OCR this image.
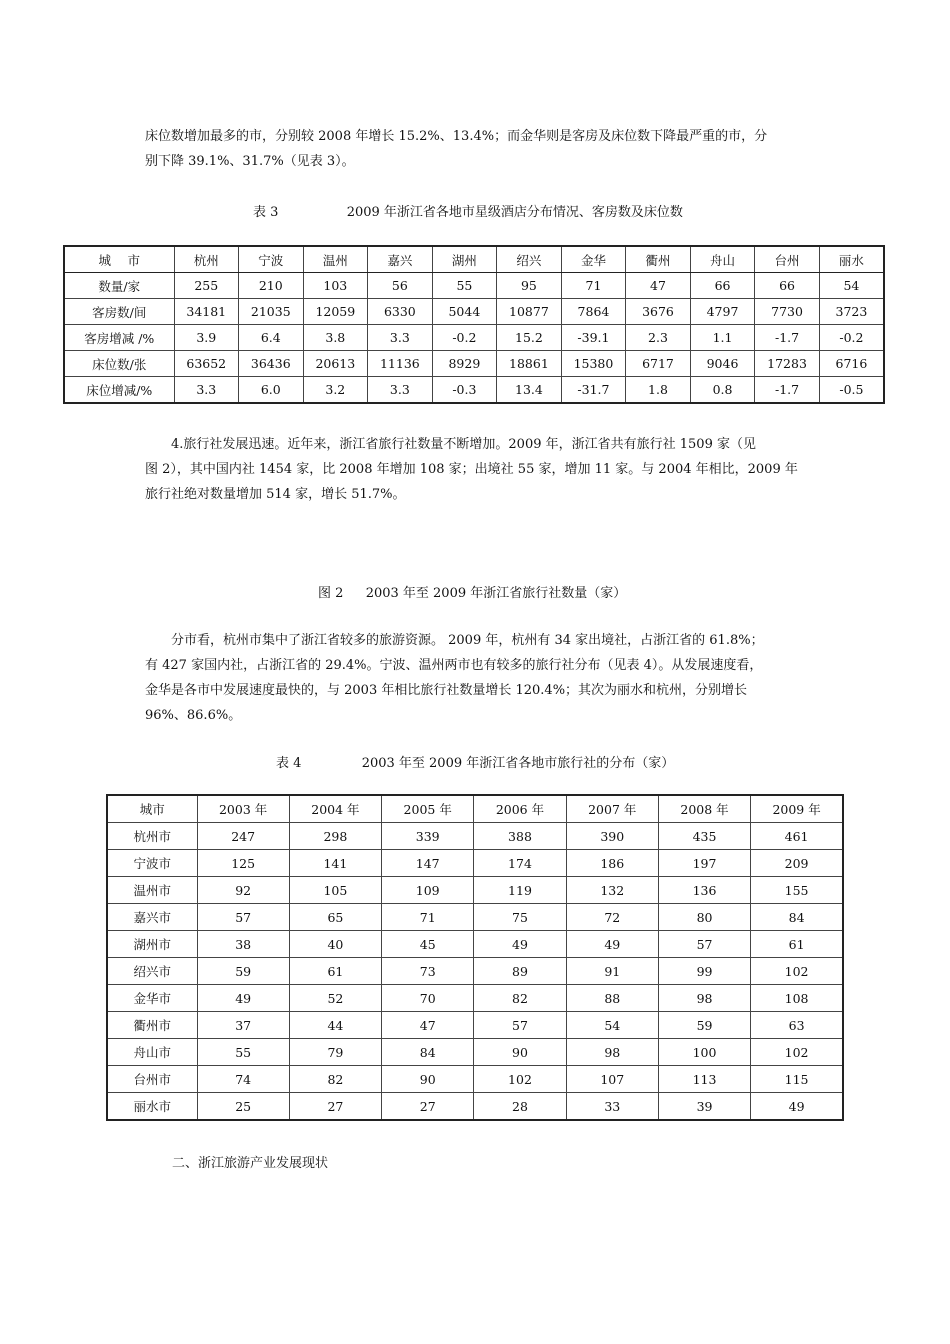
床位数增加最多的市，分别较 2008 年增长 15.2%、13.4%；而金华则是客房及床位数下降最严重的市，分
别下降 39.1%、31.7%（见表 3）。
表 3	2009 年浙江省各地市星级酒店分布情况、客房数及床位数
城　 市	杭州	宁波	温州	嘉兴	湖州	绍兴	金华	衢州	舟山	台州	丽水
数量/家	255	210	103	56	55	95	71	47	66	66	54
客房数/间	34181	21035	12059	6330	5044	10877	7864	3676	4797	7730	3723
客房增减 /%	3.9	6.4	3.8	3.3	-0.2	15.2	-39.1	2.3	1.1	-1.7	-0.2
床位数/张	63652	36436	20613	11136	8929	18861	15380	6717	9046	17283	6716
床位增减/%	3.3	6.0	3.2	3.3	-0.3	13.4	-31.7	1.8	0.8	-1.7	-0.5
4.旅行社发展迅速。近年来，浙江省旅行社数量不断增加。2009 年，浙江省共有旅行社 1509 家（见
图 2），其中国内社 1454 家，比 2008 年增加 108 家；出境社 55 家，增加 11 家。与 2004 年相比，2009 年
旅行社绝对数量增加 514 家，增长 51.7%。
图 2 2003 年至 2009 年浙江省旅行社数量（家）
分市看，杭州市集中了浙江省较多的旅游资源。 2009 年，杭州有 34 家出境社，占浙江省的 61.8%；
有 427 家国内社，占浙江省的 29.4%。宁波、温州两市也有较多的旅行社分布（见表 4）。从发展速度看，
金华是各市中发展速度最快的，与 2003 年相比旅行社数量增长 120.4%；其次为丽水和杭州，分别增长
96%、86.6%。
表 4	2003 年至 2009 年浙江省各地市旅行社的分布（家）
城市	2003 年	2004 年	2005 年	2006 年	2007 年	2008 年	2009 年
杭州市	247	298	339	388	390	435	461
宁波市	125	141	147	174	186	197	209
温州市	92	105	109	119	132	136	155
嘉兴市	57	65	71	75	72	80	84
湖州市	38	40	45	49	49	57	61
绍兴市	59	61	73	89	91	99	102
金华市	49	52	70	82	88	98	108
衢州市	37	44	47	57	54	59	63
舟山市	55	79	84	90	98	100	102
台州市	74	82	90	102	107	113	115
丽水市	25	27	27	28	33	39	49
二、浙江旅游产业发展现状
